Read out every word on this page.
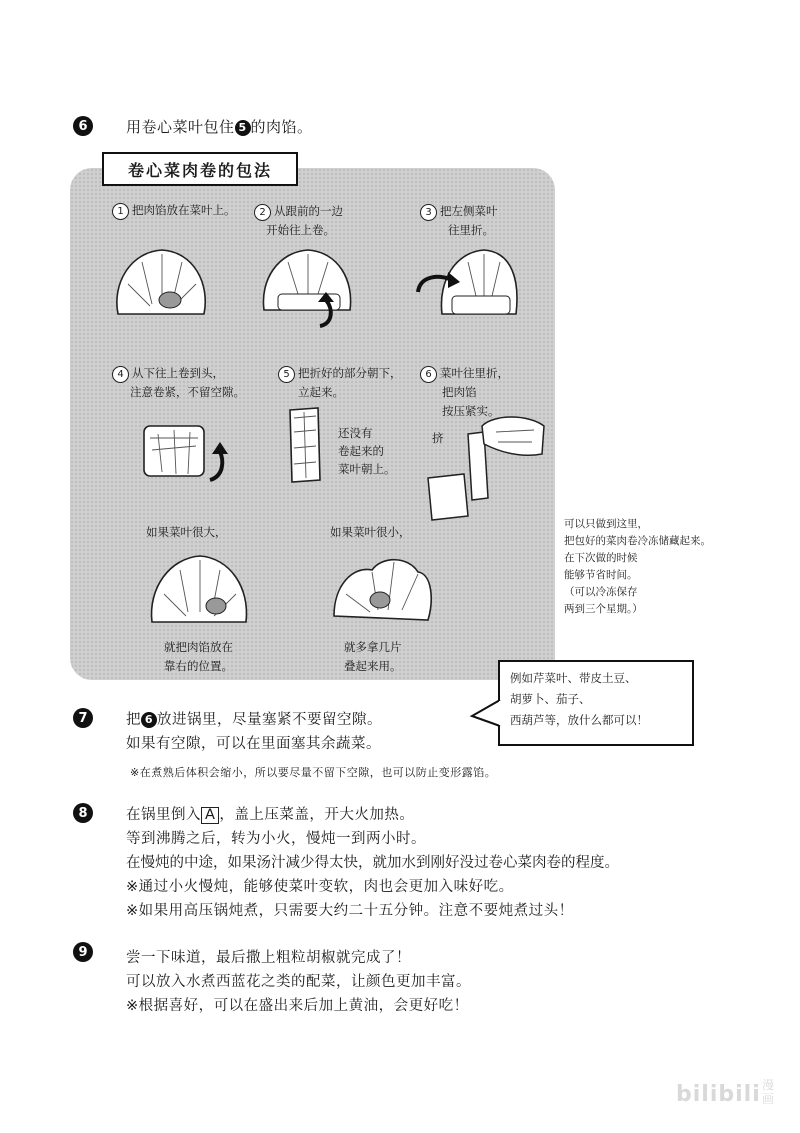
6	用卷心菜叶包住 5 的肉馅。
卷心菜肉卷的包法
1 把肉馅放在菜叶上。	2 从跟前的一边
开始往上卷。
3 把左侧菜叶
往里折。
4 从下往上卷到头，
注意卷紧，不留空隙。
5 把折好的部分朝下，
立起来。
6 菜叶往里折，
把肉馅
按压紧实。
还没有
卷起来的
菜叶朝上。
挤
如果菜叶很大，	如果菜叶很小，
就把肉馅放在
靠右的位置。
就多拿几片
叠起来用。
可以只做到这里，
把包好的菜肉卷冷冻储藏起来。
在下次做的时候
能够节省时间。
（可以冷冻保存
两到三个星期。）
例如芹菜叶、带皮土豆、
胡萝卜、茄子、
西葫芦等，放什么都可以！
7	把 6 放进锅里，尽量塞紧不要留空隙。
如果有空隙，可以在里面塞其余蔬菜。
※在煮熟后体积会缩小，所以要尽量不留下空隙，也可以防止变形露馅。
8	在锅里倒入 A ，盖上压菜盖，开大火加热。
等到沸腾之后，转为小火，慢炖一到两小时。
在慢炖的中途，如果汤汁减少得太快，就加水到刚好没过卷心菜肉卷的程度。
※通过小火慢炖，能够使菜叶变软，肉也会更加入味好吃。
※如果用高压锅炖煮，只需要大约二十五分钟。注意不要炖煮过头！
9	尝一下味道，最后撒上粗粒胡椒就完成了！
可以放入水煮西蓝花之类的配菜，让颜色更加丰富。
※根据喜好，可以在盛出来后加上黄油，会更好吃！
bilibili 漫
画
